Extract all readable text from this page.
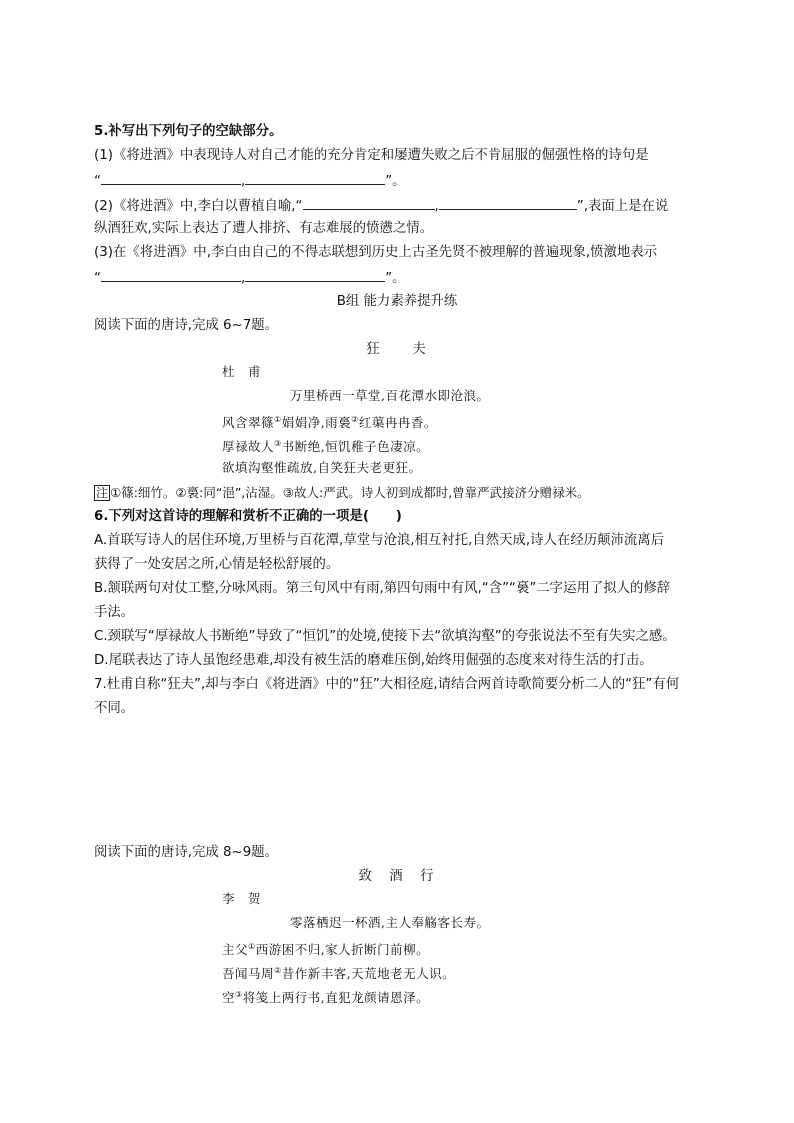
5.补写出下列句子的空缺部分。
(1)《将进酒》中表现诗人对自己才能的充分肯定和屡遭失败之后不肯屈服的倔强性格的诗句是
“	,	”。
(2)《将进酒》中,李白以曹植自喻,“	,	”,表面上是在说
纵酒狂欢,实际上表达了遭人排挤、有志难展的愤懑之情。
(3)在《将进酒》中,李白由自己的不得志联想到历史上古圣先贤不被理解的普遍现象,愤激地表示
“	,	”。
B组 能力素养提升练
阅读下面的唐诗,完成 6~7题。
狂　　夫
杜　甫
万里桥西一草堂,百花潭水即沧浪。
风含翠篠①娟娟净,雨裛②红蕖冉冉香。
厚禄故人③书断绝,恒饥稚子色凄凉。
欲填沟壑惟疏放,自笑狂夫老更狂。
注 ①篠:细竹。②裛:同“浥”,沾湿。③故人:严武。诗人初到成都时,曾靠严武接济分赠禄米。
6.下列对这首诗的理解和赏析不正确的一项是(　　)
A.首联写诗人的居住环境,万里桥与百花潭,草堂与沧浪,相互衬托,自然天成,诗人在经历颠沛流离后
获得了一处安居之所,心情是轻松舒展的。
B.颔联两句对仗工整,分咏风雨。第三句风中有雨,第四句雨中有风,“含”“裛”二字运用了拟人的修辞
手法。
C.颈联写“厚禄故人书断绝”导致了“恒饥”的处境,使接下去“欲填沟壑”的夸张说法不至有失实之感。
D.尾联表达了诗人虽饱经患难,却没有被生活的磨难压倒,始终用倔强的态度来对待生活的打击。
7.杜甫自称“狂夫”,却与李白《将进酒》中的“狂”大相径庭,请结合两首诗歌简要分析二人的“狂”有何
不同。
阅读下面的唐诗,完成 8~9题。
致　酒　行
李　贺
零落栖迟一杯酒,主人奉觞客长寿。
主父①西游困不归,家人折断门前柳。
吾闻马周②昔作新丰客,天荒地老无人识。
空③将笺上两行书,直犯龙颜请恩泽。
